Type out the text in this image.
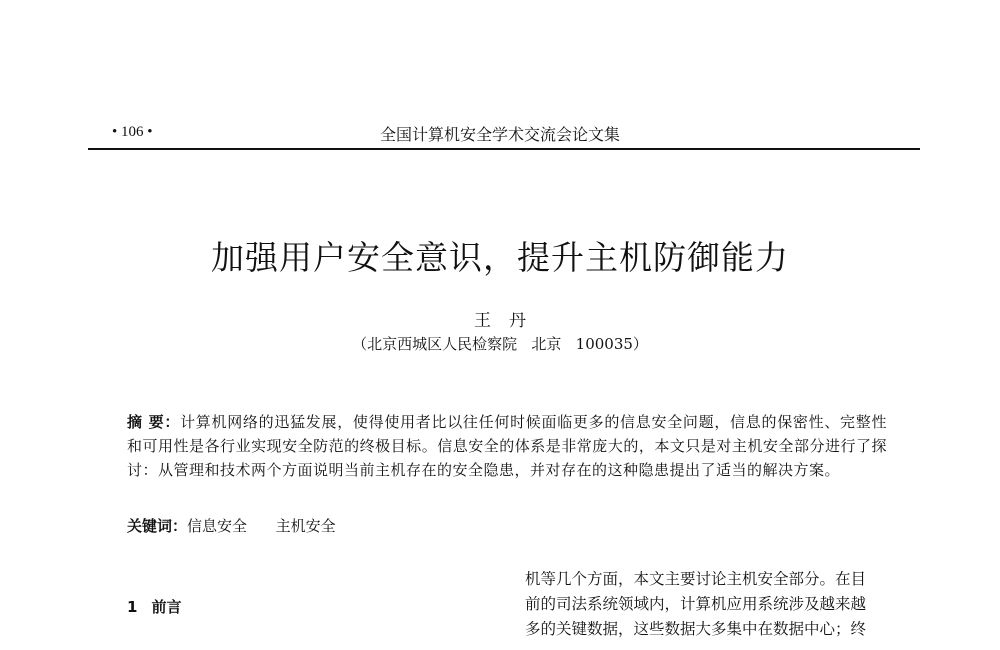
• 106 •	全国计算机安全学术交流会论文集
加强用户安全意识，提升主机防御能力
王丹
（北京西城区人民检察院   北京   100035）
摘 要：计算机网络的迅猛发展，使得使用者比以往任何时候面临更多的信息安全问题，信息的保密性、完整性和可用性是各行业实现安全防范的终极目标。信息安全的体系是非常庞大的，本文只是对主机安全部分进行了探讨：从管理和技术两个方面说明当前主机存在的安全隐患，并对存在的这种隐患提出了适当的解决方案。
关键词：信息安全      主机安全
1 前言
机等几个方面，本文主要讨论主机安全部分。在目
前的司法系统领域内，计算机应用系统涉及越来越
多的关键数据，这些数据大多集中在数据中心；终
